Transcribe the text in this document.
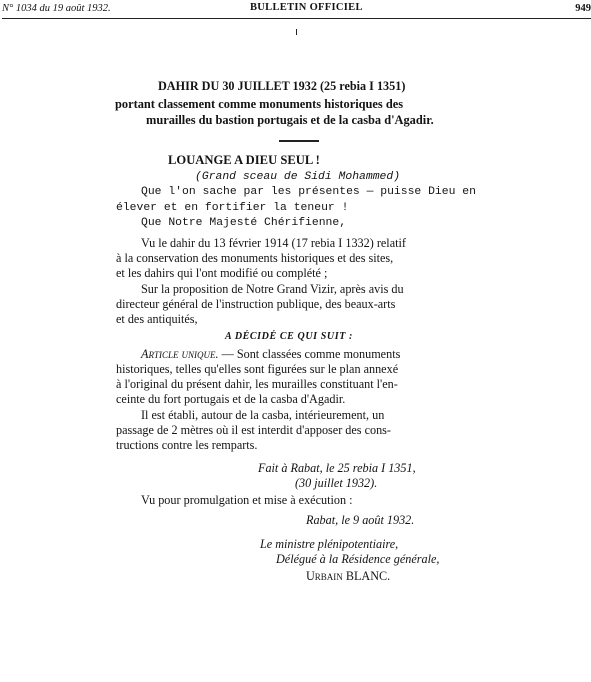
N° 1034 du 19 août 1932.	BULLETIN OFFICIEL	949
DAHIR DU 30 JUILLET 1932 (25 rebia I 1351)
portant classement comme monuments historiques des
murailles du bastion portugais et de la casba d'Agadir.
LOUANGE A DIEU SEUL !
(Grand sceau de Sidi Mohammed)
Que l'on sache par les présentes — puisse Dieu en
élever et en fortifier la teneur !
Que Notre Majesté Chérifienne,
Vu le dahir du 13 février 1914 (17 rebia I 1332) relatif
à la conservation des monuments historiques et des sites,
et les dahirs qui l'ont modifié ou complété ;
Sur la proposition de Notre Grand Vizir, après avis du
directeur général de l'instruction publique, des beaux-arts
et des antiquités,
A DÉCIDÉ CE QUI SUIT :
Article unique. — Sont classées comme monuments
historiques, telles qu'elles sont figurées sur le plan annexé
à l'original du présent dahir, les murailles constituant l'en-
ceinte du fort portugais et de la casba d'Agadir.
Il est établi, autour de la casba, intérieurement, un
passage de 2 mètres où il est interdit d'apposer des cons-
tructions contre les remparts.
Fait à Rabat, le 25 rebia I 1351,
(30 juillet 1932).
Vu pour promulgation et mise à exécution :
Rabat, le 9 août 1932.
Le ministre plénipotentiaire,
Délégué à la Résidence générale,
Urbain BLANC.
